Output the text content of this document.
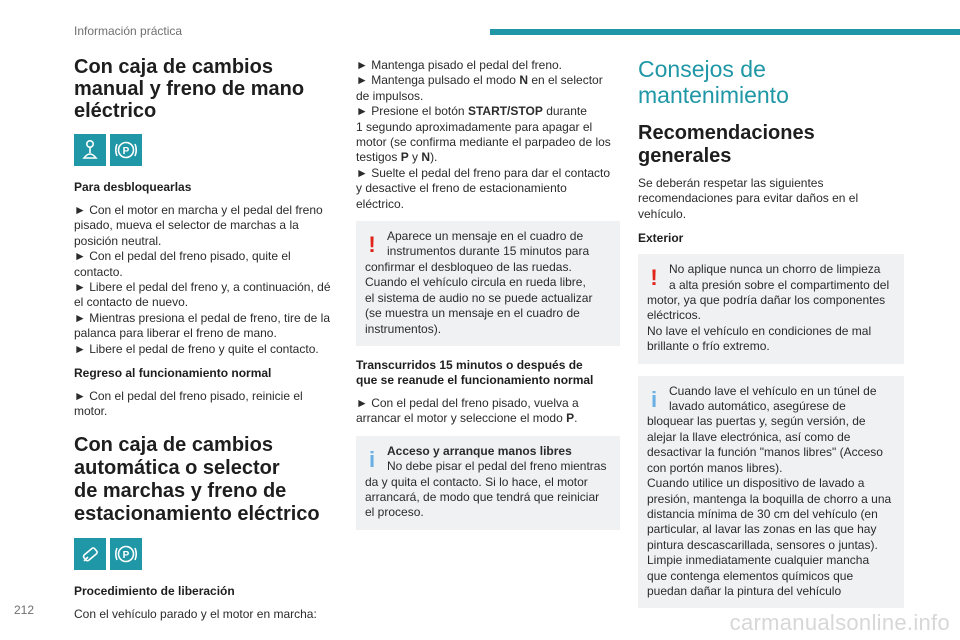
Información práctica
Con caja de cambios
manual y freno de mano
eléctrico
P
Para desbloquearlas

► Con el motor en marcha y el pedal del freno
pisado, mueva el selector de marchas a la
posición neutral.

► Con el pedal del freno pisado, quite el
contacto.

► Libere el pedal del freno y, a continuación, dé
el contacto de nuevo.

► Mientras presiona el pedal de freno, tire de la
palanca para liberar el freno de mano.

► Libere el pedal de freno y quite el contacto.

Regreso al funcionamiento normal

► Con el pedal del freno pisado, reinicie el
motor.

Con caja de cambios
automática o selector
de marchas y freno de
estacionamiento eléctrico
P
Procedimiento de liberación

Con el vehículo parado y el motor en marcha:

► Mantenga pisado el pedal del freno.
► Mantenga pulsado el modo N en el selector
de impulsos.
► Presione el botón START/STOP durante
1 segundo aproximadamente para apagar el
motor (se confirma mediante el parpadeo de los
testigos P y N).
► Suelte el pedal del freno para dar el contacto
y desactive el freno de estacionamiento
eléctrico.

! Aparece un mensaje en el cuadro de
instrumentos durante 15 minutos para
confirmar el desbloqueo de las ruedas.
Cuando el vehículo circula en rueda libre,
el sistema de audio no se puede actualizar
(se muestra un mensaje en el cuadro de
instrumentos).
Transcurridos 15 minutos o después de
que se reanude el funcionamiento normal

► Con el pedal del freno pisado, vuelva a
arrancar el motor y seleccione el modo P.

i Acceso y arranque manos libres
No debe pisar el pedal del freno mientras
da y quita el contacto. Si lo hace, el motor
arrancará, de modo que tendrá que reiniciar
el proceso.
Consejos de
mantenimiento
Recomendaciones
generales

Se deberán respetar las siguientes
recomendaciones para evitar daños en el
vehículo.

Exterior
! No aplique nunca un chorro de limpieza
a alta presión sobre el compartimento del
motor, ya que podría dañar los componentes
eléctricos.
No lave el vehículo en condiciones de mal
brillante o frío extremo.
i Cuando lave el vehículo en un túnel de
lavado automático, asegúrese de
bloquear las puertas y, según versión, de
alejar la llave electrónica, así como de
desactivar la función "manos libres" (Acceso
con portón manos libres).
Cuando utilice un dispositivo de lavado a
presión, mantenga la boquilla de chorro a una
distancia mínima de 30 cm del vehículo (en
particular, al lavar las zonas en las que hay
pintura descascarillada, sensores o juntas).
Limpie inmediatamente cualquier mancha
que contenga elementos químicos que
puedan dañar la pintura del vehículo
212	carmanualsonline.info
